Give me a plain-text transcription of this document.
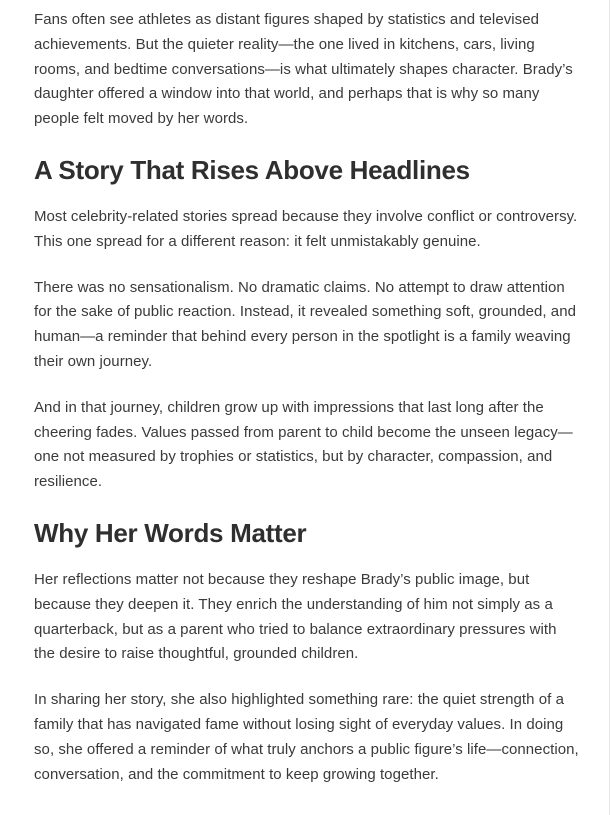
Fans often see athletes as distant figures shaped by statistics and televised achievements. But the quieter reality—the one lived in kitchens, cars, living rooms, and bedtime conversations—is what ultimately shapes character. Brady’s daughter offered a window into that world, and perhaps that is why so many people felt moved by her words.

A Story That Rises Above Headlines

Most celebrity-related stories spread because they involve conflict or controversy. This one spread for a different reason: it felt unmistakably genuine.

There was no sensationalism. No dramatic claims. No attempt to draw attention for the sake of public reaction. Instead, it revealed something soft, grounded, and human—a reminder that behind every person in the spotlight is a family weaving their own journey.

And in that journey, children grow up with impressions that last long after the cheering fades. Values passed from parent to child become the unseen legacy—one not measured by trophies or statistics, but by character, compassion, and resilience.

Why Her Words Matter

Her reflections matter not because they reshape Brady’s public image, but because they deepen it. They enrich the understanding of him not simply as a quarterback, but as a parent who tried to balance extraordinary pressures with the desire to raise thoughtful, grounded children.

In sharing her story, she also highlighted something rare: the quiet strength of a family that has navigated fame without losing sight of everyday values. In doing so, she offered a reminder of what truly anchors a public figure’s life—connection, conversation, and the commitment to keep growing together.
